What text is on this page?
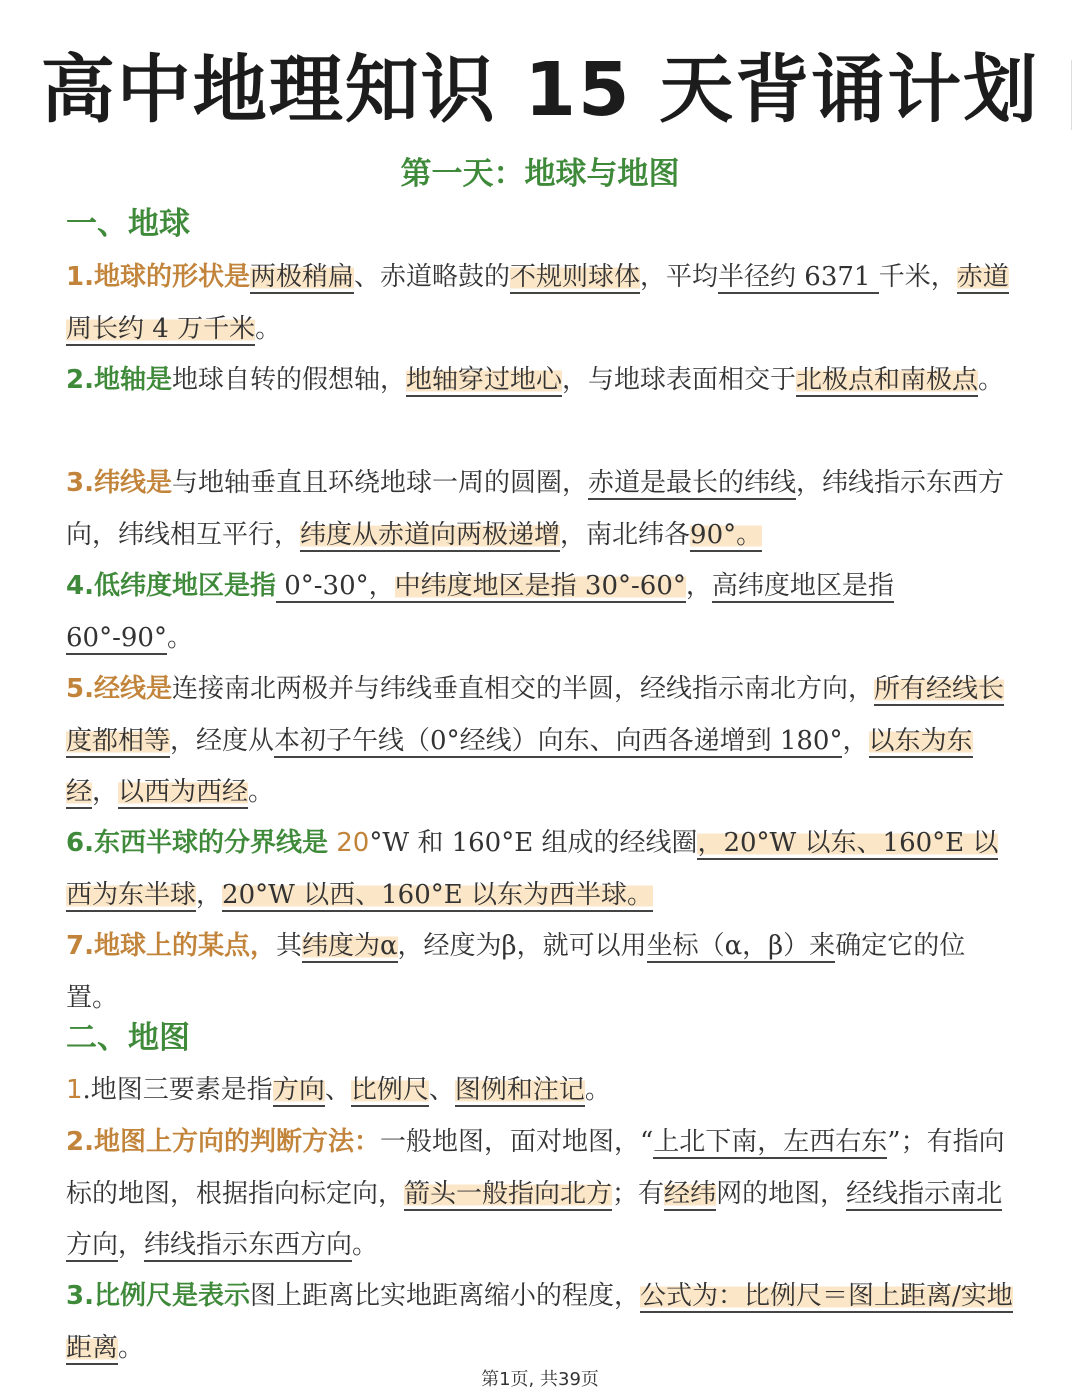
高中地理知识 15 天背诵计划
第一天：地球与地图
一、地球
1.地球的形状是两极稍扁、赤道略鼓的不规则球体，平均半径约 6371 千米，赤道周长约 4 万千米。
2.地轴是地球自转的假想轴，地轴穿过地心，与地球表面相交于北极点和南极点。
3.纬线是与地轴垂直且环绕地球一周的圆圈，赤道是最长的纬线，纬线指示东西方向，纬线相互平行，纬度从赤道向两极递增，南北纬各90°。
4.低纬度地区是指 0°-30°，中纬度地区是指 30°-60°，高纬度地区是指 60°-90°。
5.经线是连接南北两极并与纬线垂直相交的半圆，经线指示南北方向，所有经线长度都相等，经度从本初子午线（0°经线）向东、向西各递增到 180°，以东为东经，以西为西经。
6.东西半球的分界线是 20°W 和 160°E 组成的经线圈，20°W 以东、160°E 以西为东半球，20°W 以西、160°E 以东为西半球。
7.地球上的某点，其纬度为α，经度为β，就可以用坐标（α，β）来确定它的位置。
二、地图
1.地图三要素是指方向、比例尺、图例和注记。
2.地图上方向的判断方法：一般地图，面对地图，“上北下南，左西右东”；有指向标的地图，根据指向标定向，箭头一般指向北方；有经纬网的地图，经线指示南北方向，纬线指示东西方向。
3.比例尺是表示图上距离比实地距离缩小的程度，公式为：比例尺＝图上距离/实地距离。
第1页, 共39页
